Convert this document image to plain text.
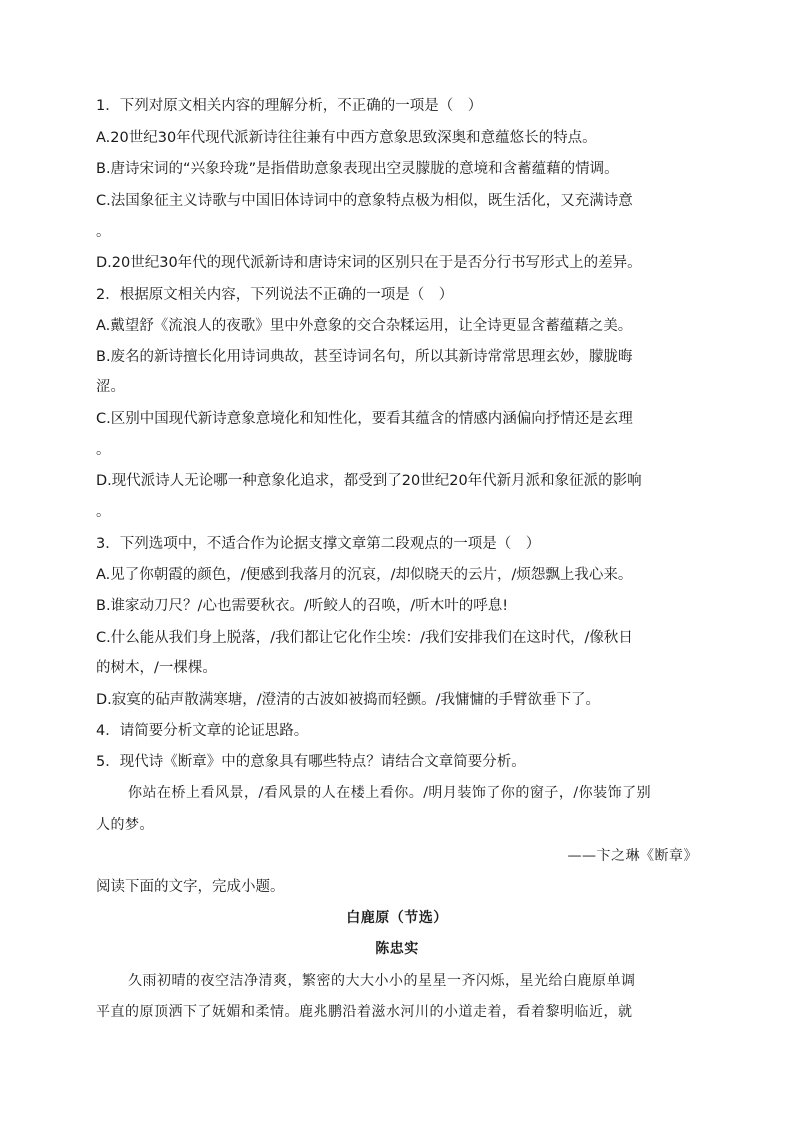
1．下列对原文相关内容的理解分析，不正确的一项是（　）
A.20世纪30年代现代派新诗往往兼有中西方意象思致深奥和意蕴悠长的特点。
B.唐诗宋词的“兴象玲珑”是指借助意象表现出空灵朦胧的意境和含蓄蕴藉的情调。
C.法国象征主义诗歌与中国旧体诗词中的意象特点极为相似，既生活化，又充满诗意
。
D.20世纪30年代的现代派新诗和唐诗宋词的区别只在于是否分行书写形式上的差异。
2．根据原文相关内容，下列说法不正确的一项是（　）
A.戴望舒《流浪人的夜歌》里中外意象的交合杂糅运用，让全诗更显含蓄蕴藉之美。
B.废名的新诗擅长化用诗词典故，甚至诗词名句，所以其新诗常常思理玄妙，朦胧晦
涩。
C.区别中国现代新诗意象意境化和知性化，要看其蕴含的情感内涵偏向抒情还是玄理
。
D.现代派诗人无论哪一种意象化追求，都受到了20世纪20年代新月派和象征派的影响
。
3．下列选项中，不适合作为论据支撑文章第二段观点的一项是（　）
A.见了你朝霞的颜色，/便感到我落月的沉哀，/却似晓天的云片，/烦怨飘上我心来。
B.谁家动刀尺？/心也需要秋衣。/听鲛人的召唤，/听木叶的呼息!
C.什么能从我们身上脱落，/我们都让它化作尘埃：/我们安排我们在这时代，/像秋日
的树木，/一棵棵。
D.寂寞的砧声散满寒塘，/澄清的古波如被捣而轻颤。/我慵慵的手臂欲垂下了。
4．请简要分析文章的论证思路。
5．现代诗《断章》中的意象具有哪些特点？请结合文章简要分析。
你站在桥上看风景，/看风景的人在楼上看你。/明月装饰了你的窗子，/你装饰了别
人的梦。
——卞之琳《断章》
阅读下面的文字，完成小题。
白鹿原（节选）
陈忠实
久雨初晴的夜空洁净清爽，繁密的大大小小的星星一齐闪烁，星光给白鹿原单调
平直的原顶洒下了妩媚和柔情。鹿兆鹏沿着滋水河川的小道走着，看着黎明临近，就
